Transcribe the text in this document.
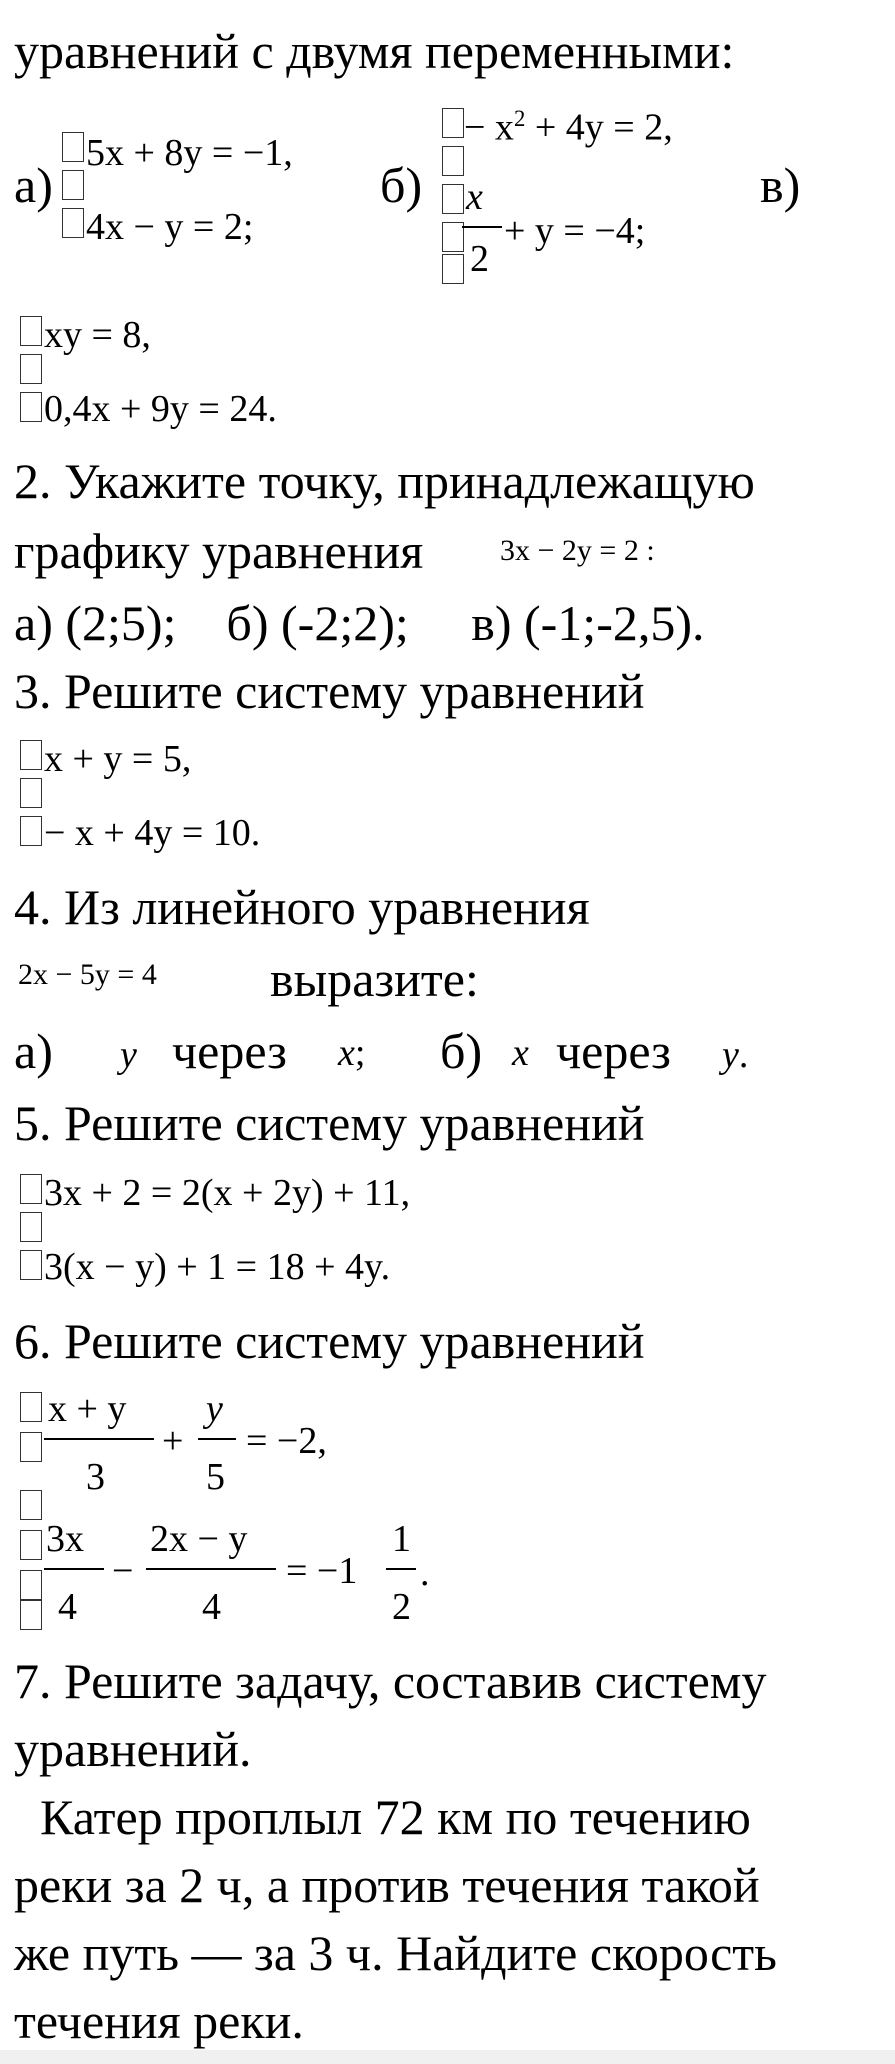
уравнений с двумя переменными:
а)
5x + 8y = −1,
4x − y = 2;
б)
− $x^2 + 4y = 2$,
x
2
+ y = −4;
в)
xy = 8,
0,4x + 9y = 24.
2. Укажите точку, принадлежащую
графику уравнения	3x − 2y = 2 :
а) (2;5);    б) (-2;2);     в) (-1;-2,5).
3. Решите систему уравнений
x + y = 5,
− x + 4y = 10.
4. Из линейного уравнения
2x − 5y = 4 выразите:
а) y через x; б) x через y.
5. Решите систему уравнений
3x + 2 = 2(x + 2y) + 11,
3(x − y) + 1 = 18 + 4y.
6. Решите систему уравнений
x + y
3
+
y
5
= −2,
3x
4
−
2x − y
4
= −1
1
2
.
7. Решите задачу, составив систему
уравнений.
Катер проплыл 72 км по течению
реки за 2 ч, а против течения такой
же путь — за 3 ч. Найдите скорость
течения реки.
